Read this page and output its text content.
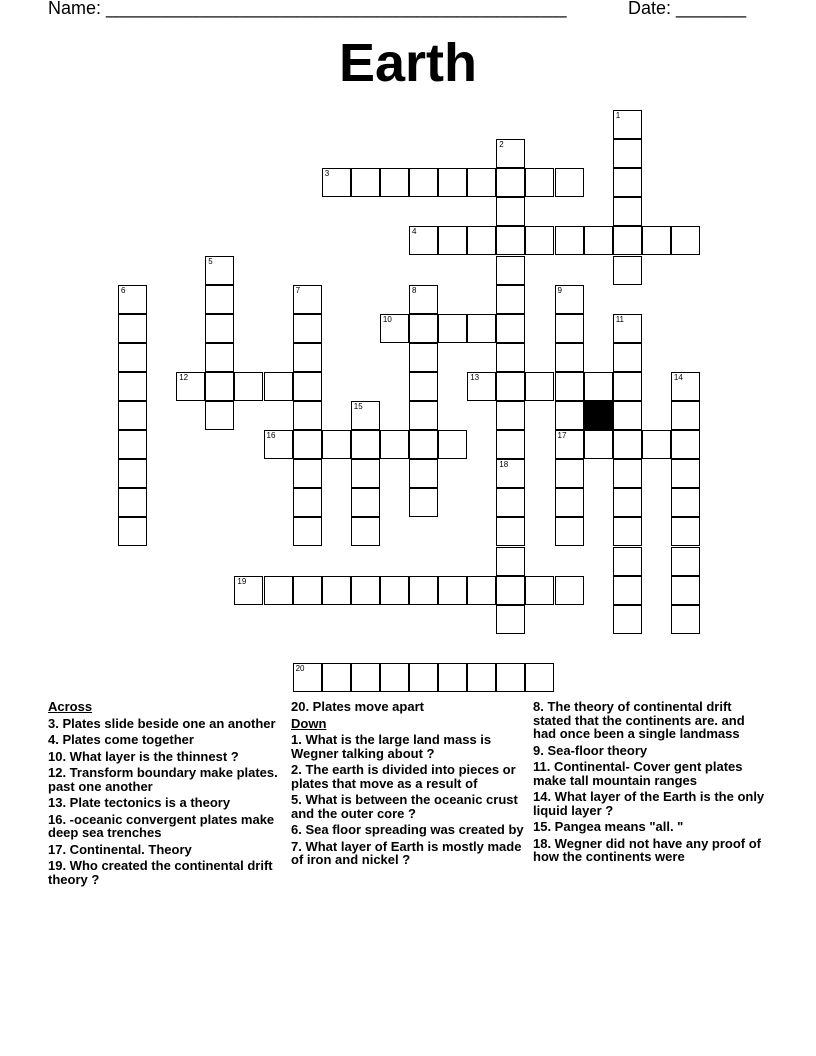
Name: ______________________________________________	Date: _______
Earth
1
2
18
3
4
5
6	7	8	9
17
10	11
12	13	14
15
16
19
20
Across
3. Plates slide beside one an another
4. Plates come together
10. What layer is the thinnest ?
12. Transform boundary make plates. past one another
13. Plate tectonics is a theory
16. -oceanic convergent plates make deep sea trenches
17. Continental. Theory
19. Who created the continental drift theory ?
20. Plates move apart
Down
1. What is the large land mass is Wegner talking about ?
2. The earth is divided into pieces or plates that move as a result of
5. What is between the oceanic crust and the outer core ?
6. Sea floor spreading was created by
7. What layer of Earth is mostly made of iron and nickel ?
8. The theory of continental drift stated that the continents are. and had once been a single landmass
9. Sea-floor theory
11. Continental- Cover gent plates make tall mountain ranges
14. What layer of the Earth is the only liquid layer ?
15. Pangea means "all. "
18. Wegner did not have any proof of how the continents were
